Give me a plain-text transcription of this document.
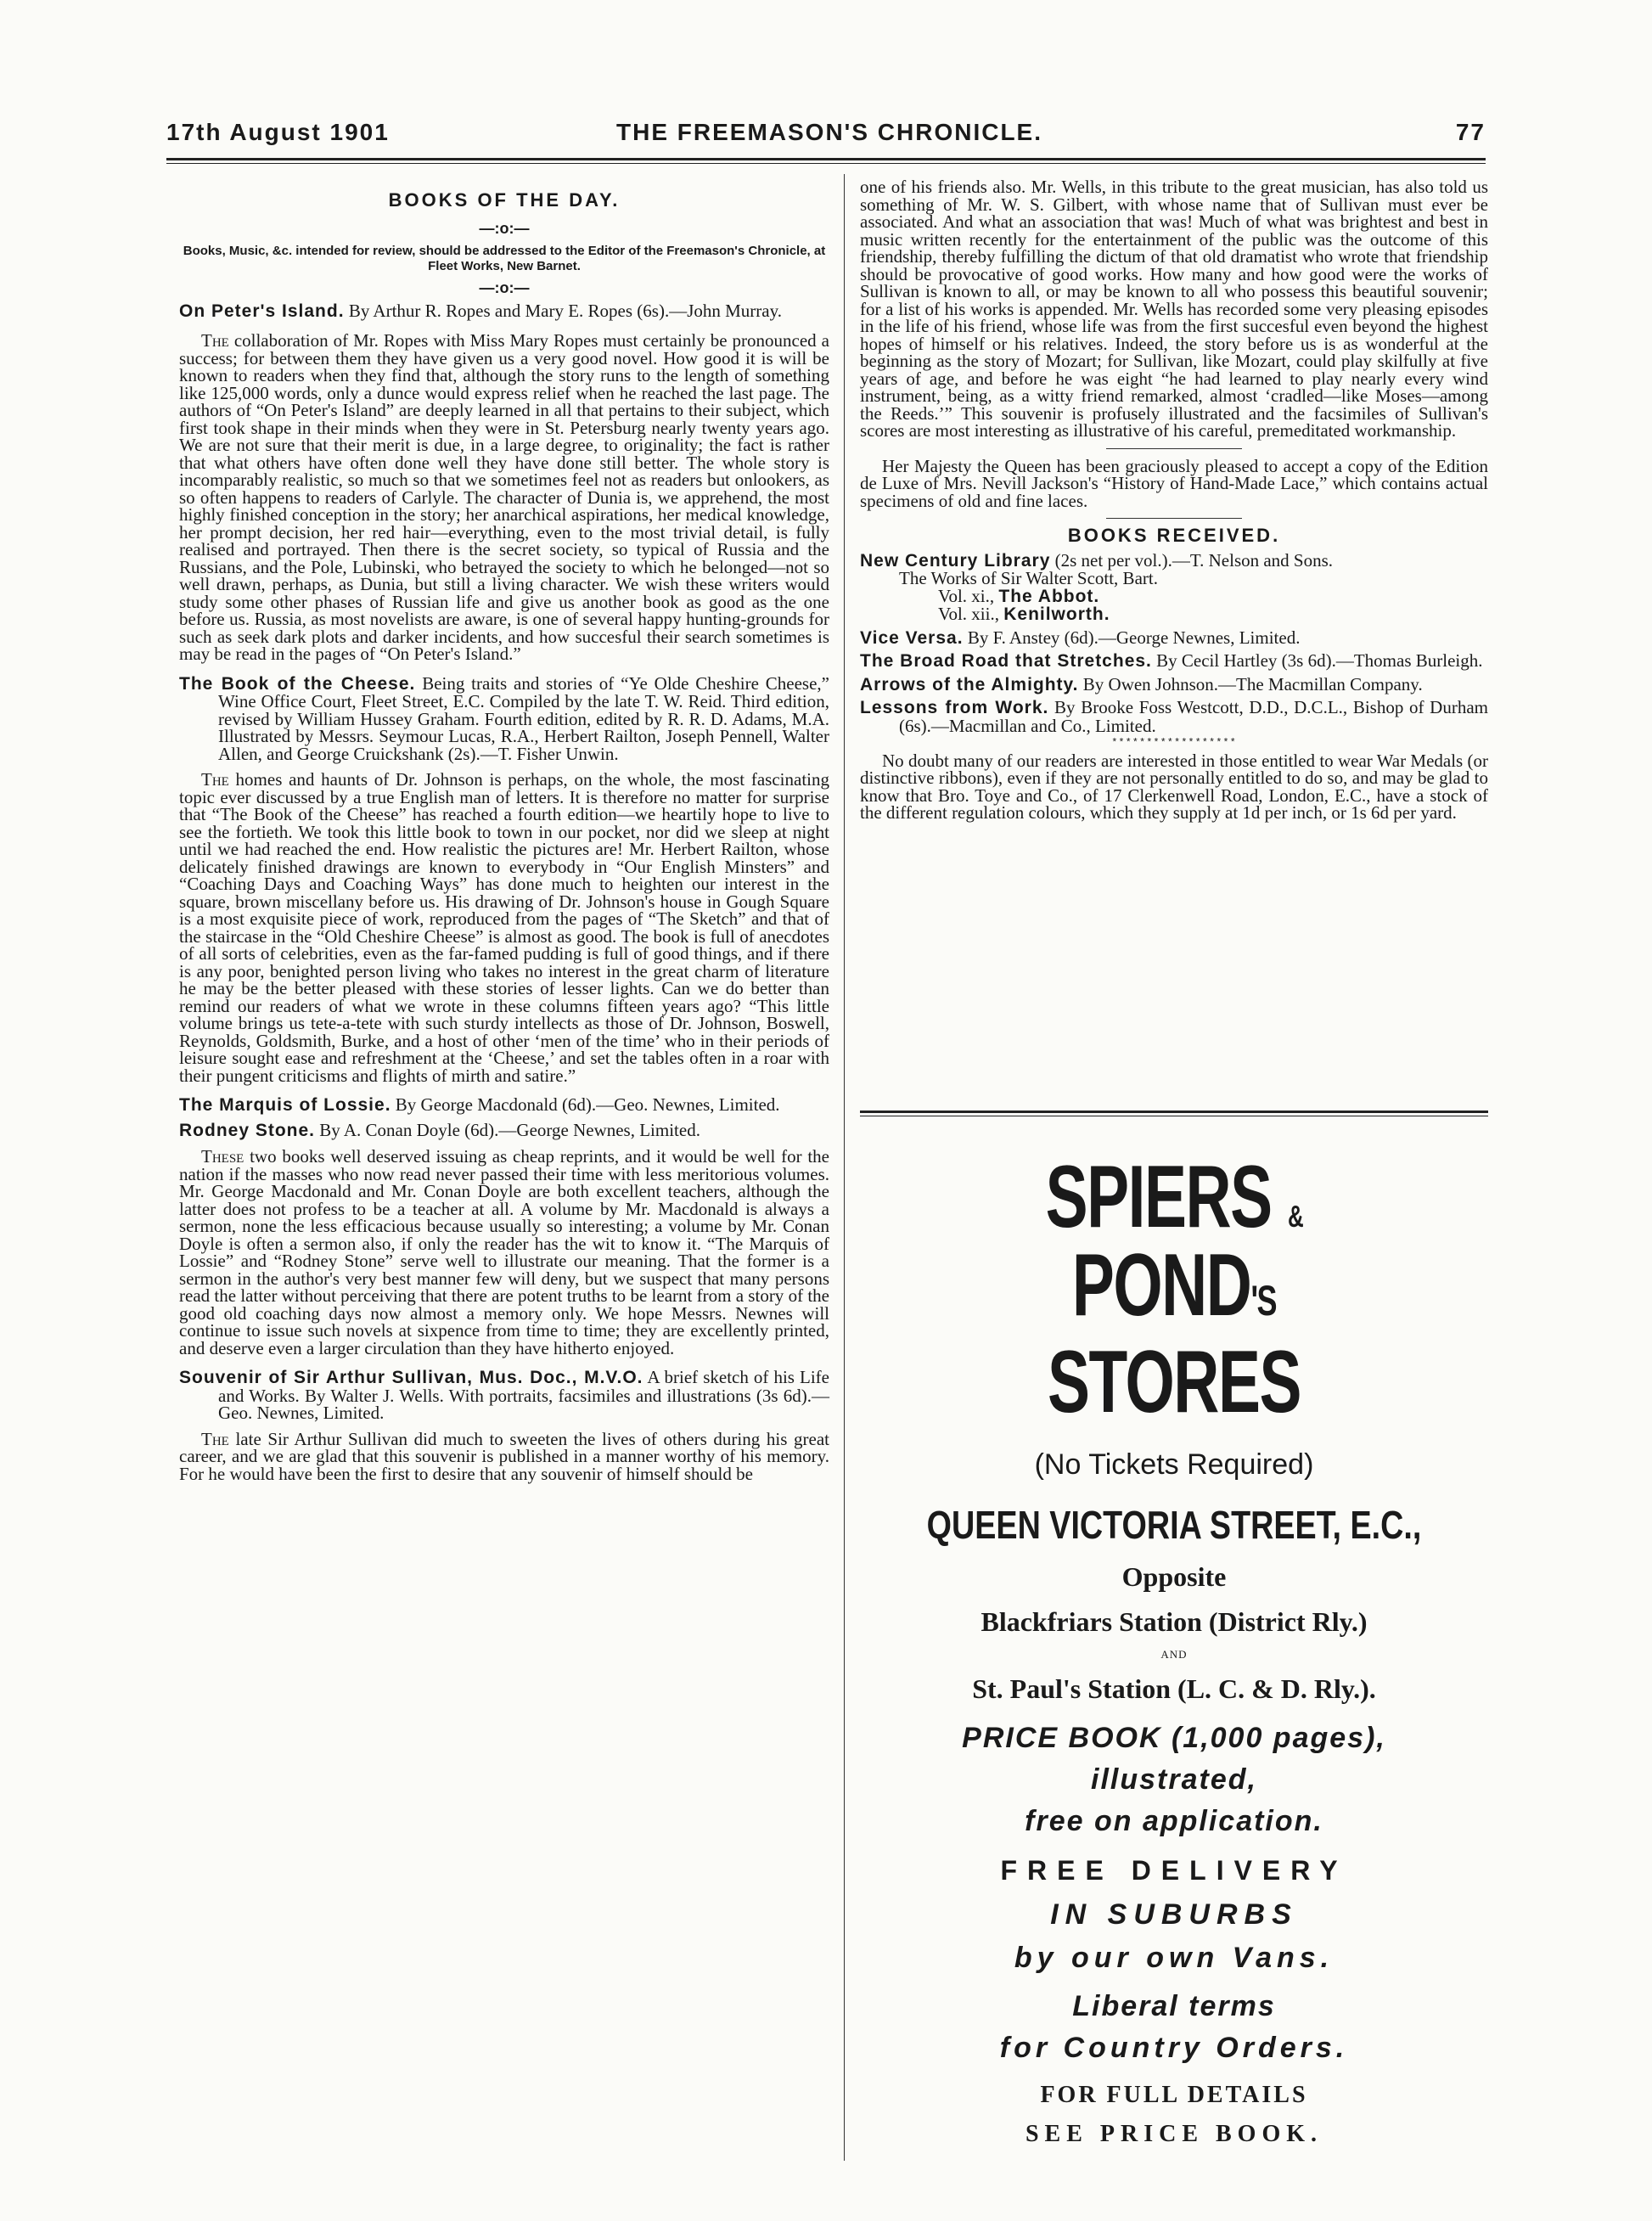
17th August 1901	THE FREEMASON'S CHRONICLE.	77

BOOKS OF THE DAY.

—:o:—

Books, Music, &c. intended for review, should be addressed to the Editor of the Freemason's Chronicle, at Fleet Works, New Barnet.

—:o:—

On Peter's Island. By Arthur R. Ropes and Mary E. Ropes (6s).—John Murray.

The collaboration of Mr. Ropes with Miss Mary Ropes must certainly be pronounced a success; for between them they have given us a very good novel. How good it is will be known to readers when they find that, although the story runs to the length of something like 125,000 words, only a dunce would express relief when he reached the last page. The authors of “On Peter's Island” are deeply learned in all that pertains to their subject, which first took shape in their minds when they were in St. Petersburg nearly twenty years ago. We are not sure that their merit is due, in a large degree, to originality; the fact is rather that what others have often done well they have done still better. The whole story is incomparably realistic, so much so that we sometimes feel not as readers but onlookers, as so often happens to readers of Carlyle. The character of Dunia is, we apprehend, the most highly finished conception in the story; her anarchical aspirations, her medical knowledge, her prompt decision, her red hair—everything, even to the most trivial detail, is fully realised and portrayed. Then there is the secret society, so typical of Russia and the Russians, and the Pole, Lubinski, who betrayed the society to which he belonged—not so well drawn, perhaps, as Dunia, but still a living character. We wish these writers would study some other phases of Russian life and give us another book as good as the one before us. Russia, as most novelists are aware, is one of several happy hunting-grounds for such as seek dark plots and darker incidents, and how succesful their search sometimes is may be read in the pages of “On Peter's Island.”

The Book of the Cheese. Being traits and stories of “Ye Olde Cheshire Cheese,” Wine Office Court, Fleet Street, E.C. Compiled by the late T. W. Reid. Third edition, revised by William Hussey Graham. Fourth edition, edited by R. R. D. Adams, M.A. Illustrated by Messrs. Seymour Lucas, R.A., Herbert Railton, Joseph Pennell, Walter Allen, and George Cruickshank (2s).—T. Fisher Unwin.

The homes and haunts of Dr. Johnson is perhaps, on the whole, the most fascinating topic ever discussed by a true English man of letters. It is therefore no matter for surprise that “The Book of the Cheese” has reached a fourth edition—we heartily hope to live to see the fortieth. We took this little book to town in our pocket, nor did we sleep at night until we had reached the end. How realistic the pictures are! Mr. Herbert Railton, whose delicately finished drawings are known to everybody in “Our English Minsters” and “Coaching Days and Coaching Ways” has done much to heighten our interest in the square, brown miscellany before us. His drawing of Dr. Johnson's house in Gough Square is a most exquisite piece of work, reproduced from the pages of “The Sketch” and that of the staircase in the “Old Cheshire Cheese” is almost as good. The book is full of anecdotes of all sorts of celebrities, even as the far-famed pudding is full of good things, and if there is any poor, benighted person living who takes no interest in the great charm of literature he may be the better pleased with these stories of lesser lights. Can we do better than remind our readers of what we wrote in these columns fifteen years ago? “This little volume brings us tete-a-tete with such sturdy intellects as those of Dr. Johnson, Boswell, Reynolds, Goldsmith, Burke, and a host of other ‘men of the time’ who in their periods of leisure sought ease and refreshment at the ‘Cheese,’ and set the tables often in a roar with their pungent criticisms and flights of mirth and satire.”

The Marquis of Lossie. By George Macdonald (6d).—Geo. Newnes, Limited.

Rodney Stone. By A. Conan Doyle (6d).—George Newnes, Limited.

These two books well deserved issuing as cheap reprints, and it would be well for the nation if the masses who now read never passed their time with less meritorious volumes. Mr. George Macdonald and Mr. Conan Doyle are both excellent teachers, although the latter does not profess to be a teacher at all. A volume by Mr. Macdonald is always a sermon, none the less efficacious because usually so interesting; a volume by Mr. Conan Doyle is often a sermon also, if only the reader has the wit to know it. “The Marquis of Lossie” and “Rodney Stone” serve well to illustrate our meaning. That the former is a sermon in the author's very best manner few will deny, but we suspect that many persons read the latter without perceiving that there are potent truths to be learnt from a story of the good old coaching days now almost a memory only. We hope Messrs. Newnes will continue to issue such novels at sixpence from time to time; they are excellently printed, and deserve even a larger circulation than they have hitherto enjoyed.

Souvenir of Sir Arthur Sullivan, Mus. Doc., M.V.O. A brief sketch of his Life and Works. By Walter J. Wells. With portraits, facsimiles and illustrations (3s 6d).—Geo. Newnes, Limited.

The late Sir Arthur Sullivan did much to sweeten the lives of others during his great career, and we are glad that this souvenir is published in a manner worthy of his memory. For he would have been the first to desire that any souvenir of himself should be

one of his friends also. Mr. Wells, in this tribute to the great musician, has also told us something of Mr. W. S. Gilbert, with whose name that of Sullivan must ever be associated. And what an association that was! Much of what was brightest and best in music written recently for the entertainment of the public was the outcome of this friendship, thereby fulfilling the dictum of that old dramatist who wrote that friendship should be provocative of good works. How many and how good were the works of Sullivan is known to all, or may be known to all who possess this beautiful souvenir; for a list of his works is appended. Mr. Wells has recorded some very pleasing episodes in the life of his friend, whose life was from the first succesful even beyond the highest hopes of himself or his relatives. Indeed, the story before us is as wonderful at the beginning as the story of Mozart; for Sullivan, like Mozart, could play skilfully at five years of age, and before he was eight “he had learned to play nearly every wind instrument, being, as a witty friend remarked, almost ‘cradled—like Moses—among the Reeds.’” This souvenir is profusely illustrated and the facsimiles of Sullivan's scores are most interesting as illustrative of his careful, premeditated workmanship.

Her Majesty the Queen has been graciously pleased to accept a copy of the Edition de Luxe of Mrs. Nevill Jackson's “History of Hand-Made Lace,” which contains actual specimens of old and fine laces.

BOOKS RECEIVED.

New Century Library (2s net per vol.).—T. Nelson and Sons.

The Works of Sir Walter Scott, Bart.

Vol. xi., The Abbot.

Vol. xii., Kenilworth.

Vice Versa. By F. Anstey (6d).—George Newnes, Limited.

The Broad Road that Stretches. By Cecil Hartley (3s 6d).—Thomas Burleigh.

Arrows of the Almighty. By Owen Johnson.—The Macmillan Company.

Lessons from Work. By Brooke Foss Westcott, D.D., D.C.L., Bishop of Durham (6s).—Macmillan and Co., Limited.

******************

No doubt many of our readers are interested in those entitled to wear War Medals (or distinctive ribbons), even if they are not personally entitled to do so, and may be glad to know that Bro. Toye and Co., of 17 Clerkenwell Road, London, E.C., have a stock of the different regulation colours, which they supply at 1d per inch, or 1s 6d per yard.

SPIERS & POND'S
STORES
(No Tickets Required)
QUEEN VICTORIA STREET, E.C.,
Opposite
Blackfriars Station (District Rly.)
AND
St. Paul's Station (L. C. & D. Rly.).
PRICE BOOK (1,000 pages),
illustrated,
free on application.
FREE DELIVERY
IN SUBURBS
by our own Vans.
Liberal terms
for Country Orders.
FOR FULL DETAILS
SEE PRICE BOOK.
